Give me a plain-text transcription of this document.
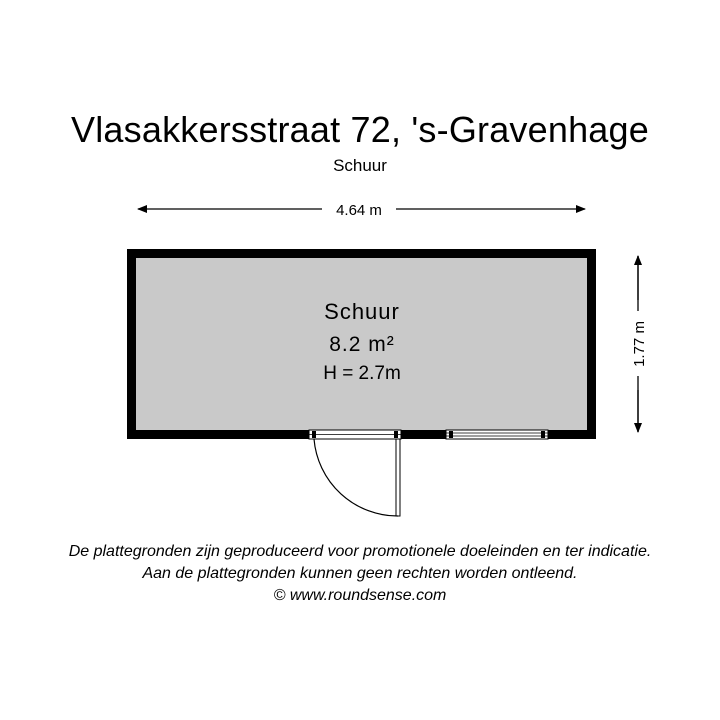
Vlasakkersstraat 72, 's-Gravenhage
Schuur
4.64 m
1.77 m
Schuur
8.2 m²
H = 2.7m
De plattegronden zijn geproduceerd voor promotionele doeleinden en ter indicatie.
Aan de plattegronden kunnen geen rechten worden ontleend.
© www.roundsense.com
